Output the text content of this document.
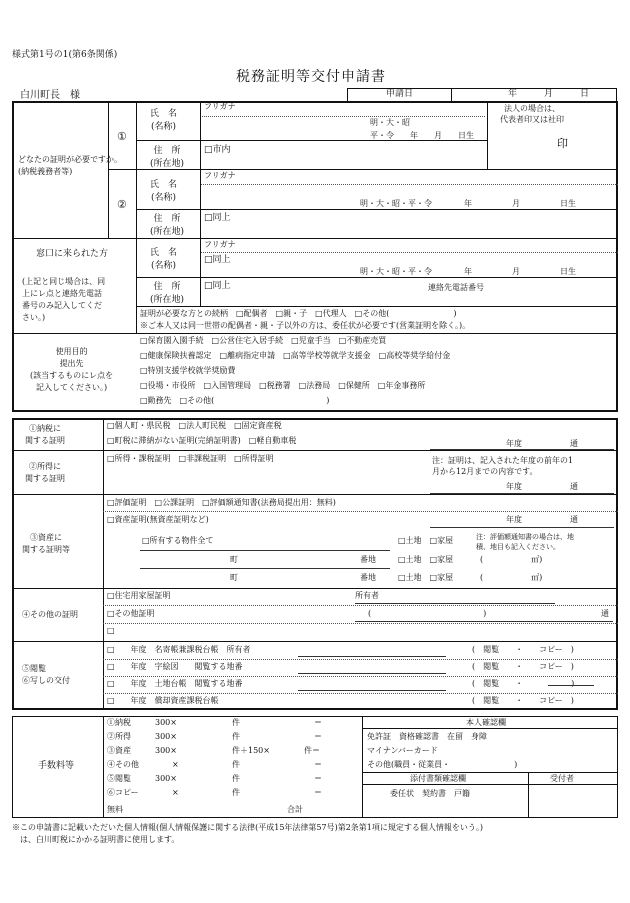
様式第1号の1(第6条関係)
税務証明等交付申請書
白川町長　様	申請日	年　　　月　　　日
どなたの証明が必要ですか。
(納税義務者等)
①
氏　名
(名称)
フリガナ
明・大・昭
平・令　　年　　月　　日生
法人の場合は、
代表者印又は社印
印
住　所
(所在地)
□市内
②
氏　名
(名称)
フリガナ
明・大・昭・平・令　　　　年　　　　　月　　　　　日生
住　所
(所在地)
□同上
窓口に来られた方
(上記と同じ場合は、同
上にレ点と連絡先電話
番号のみ記入してくだ
さい。)
氏　名
(名称)
フリガナ
□同上
明・大・昭・平・令　　　　年　　　　　月　　　　　日生
住　所
(所在地)
□同上	連絡先電話番号
証明が必要な方との続柄　□配偶者　□親・子　□代理人　□その他(　　　　　　　　)
※ご本人又は同一世帯の配偶者・親・子以外の方は、委任状が必要です(営業証明を除く。)。
使用目的
提出先
(該当するものにレ点を
記入してください。)
□保育園入園手続　□公営住宅入居手続　□児童手当　□不動産売買
□健康保険扶養認定　□離病指定申請　□高等学校等就学支援金　□高校等奨学給付金
□特別支援学校就学奨励費
□役場・市役所　□入国管理局　□税務署　□法務局　□保健所　□年金事務所
□勤務先　□その他(　　　　　　　　　　　　　　)
①納税に
関する証明
□個人町・県民税　□法人町民税　□固定資産税
□町税に滞納がない証明(完納証明書)　□軽自動車税	年度　　　　　　通
②所得に
関する証明
□所得・課税証明　□非課税証明　□所得証明	注：証明は、記入された年度の前年の1
月から12月までの内容です。
年度　　　　　　通
③資産に
関する証明等
□評価証明　□公課証明　□評価額通知書(法務局提出用：無料)
□資産証明(無資産証明など)	年度　　　　　　通
□所有する物件全て	□土地　□家屋	注：評価額通知書の場合は、地
積、地目も記入ください。
町	番地	□土地　□家屋	(　　　　　　㎡)
町	番地	□土地　□家屋	(　　　　　　㎡)
④その他の証明
□住宅用家屋証明	所有者
□その他証明	(　　　　　　　　　　　　　　)	通
□
⑤閲覧
⑥写しの交付
□　　年度　名寄帳兼課税台帳　所有者	(　閲覧　　・　　コピー　)
□　　年度　字絵図　　閲覧する地番	(　閲覧　　・　　コピー　)
□　　年度　土地台帳　閲覧する地番	(　閲覧　　・　　　　　　)
□　　年度　償却資産課税台帳	(　閲覧　　・　　コピー　)
手数料等
①納税	300×	件	＝
②所得	300×	件	＝
③資産	300×	件＋150×	件＝
④その他	×	件	＝
⑤閲覧	300×	件	＝
⑥コピー	×	件	＝
無料	合計
本人確認欄
免許証　資格確認書　在留　身障
マイナンバーカード
その他(職員・従業員・　　　　　　　　)
添付書類確認欄	受付者
委任状　契約書　戸籍
※この申請書に記載いただいた個人情報(個人情報保護に関する法律(平成15年法律第57号)第2条第1項に規定する個人情報をいう。)
　は、白川町税にかかる証明書に使用します。
